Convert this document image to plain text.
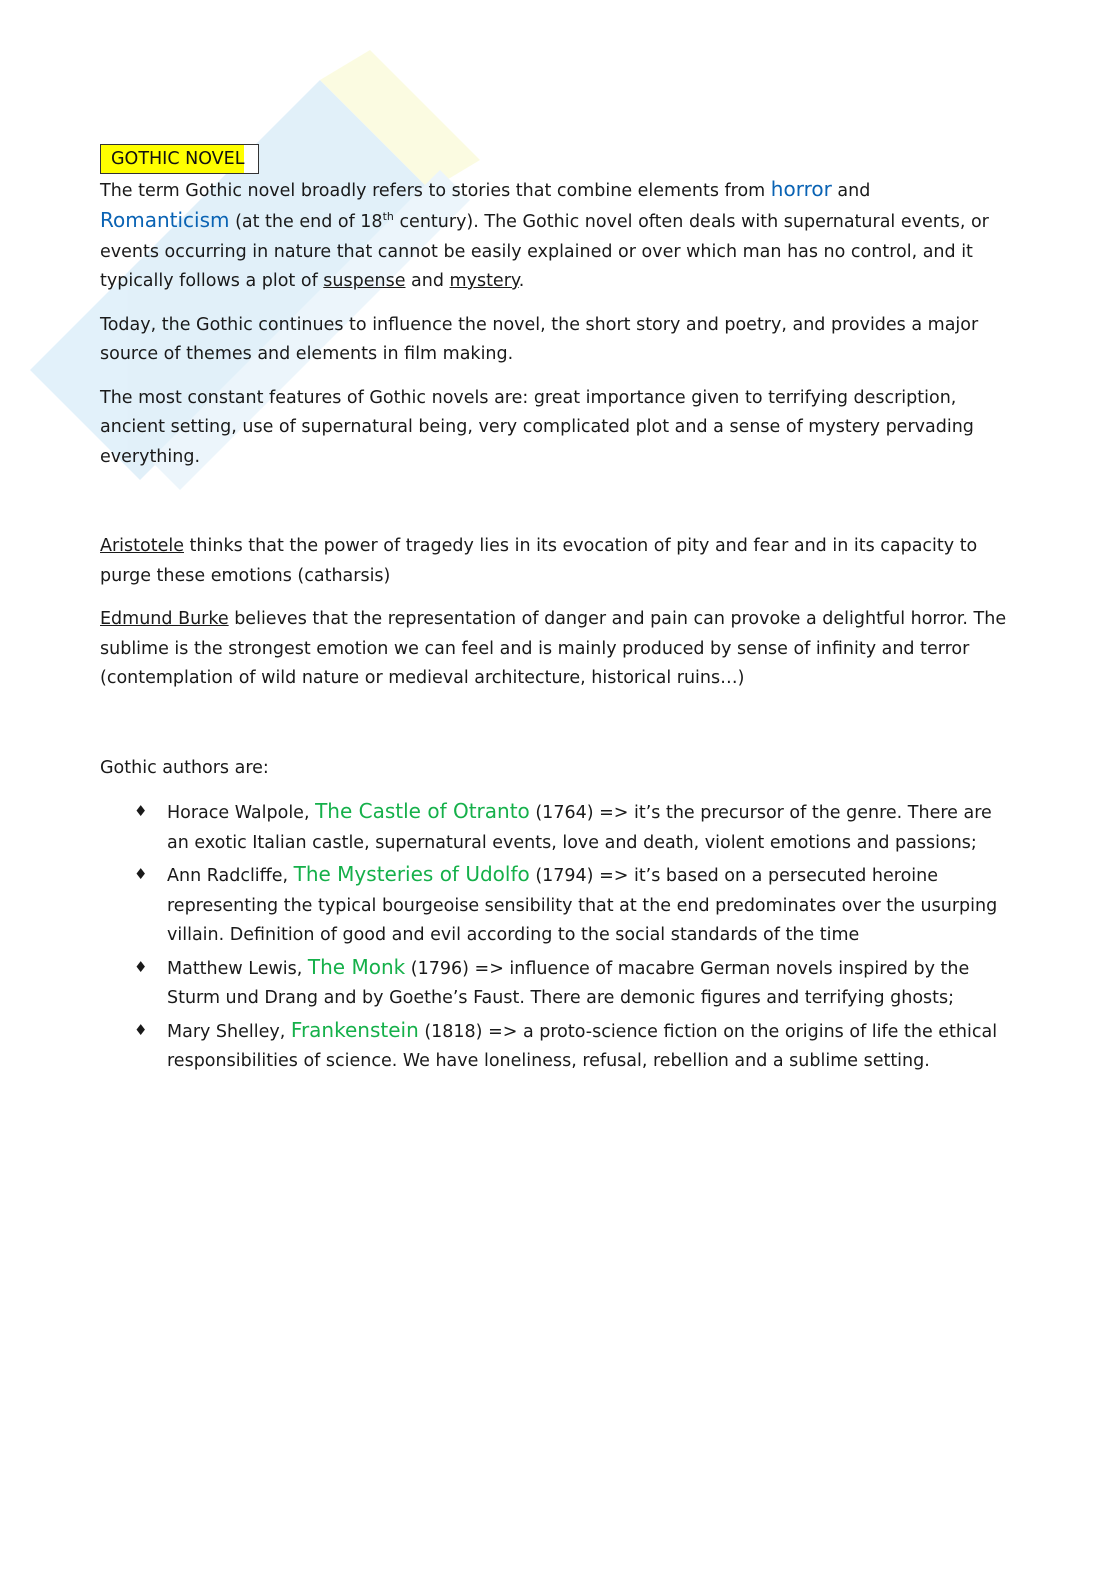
GOTHIC NOVEL

The term Gothic novel broadly refers to stories that combine elements from horror and
Romanticism (at the end of 18th century). The Gothic novel often deals with supernatural events, or events occurring in nature that cannot be easily explained or over which man has no control, and it typically follows a plot of suspense and mystery.

Today, the Gothic continues to influence the novel, the short story and poetry, and provides a major source of themes and elements in film making.

The most constant features of Gothic novels are: great importance given to terrifying description, ancient setting, use of supernatural being, very complicated plot and a sense of mystery pervading everything.

Aristotele thinks that the power of tragedy lies in its evocation of pity and fear and in its capacity to purge these emotions (catharsis)

Edmund Burke believes that the representation of danger and pain can provoke a delightful horror. The sublime is the strongest emotion we can feel and is mainly produced by sense of infinity and terror (contemplation of wild nature or medieval architecture, historical ruins…)

Gothic authors are:

♦ Horace Walpole, The Castle of Otranto (1764) => it’s the precursor of the genre. There are an exotic Italian castle, supernatural events, love and death, violent emotions and passions;
♦ Ann Radcliffe, The Mysteries of Udolfo (1794) => it’s based on a persecuted heroine representing the typical bourgeoise sensibility that at the end predominates over the usurping villain. Definition of good and evil according to the social standards of the time
♦ Matthew Lewis, The Monk (1796) => influence of macabre German novels inspired by the Sturm und Drang and by Goethe’s Faust. There are demonic figures and terrifying ghosts;
♦ Mary Shelley, Frankenstein (1818) => a proto-science fiction on the origins of life the ethical responsibilities of science. We have loneliness, refusal, rebellion and a sublime setting.
